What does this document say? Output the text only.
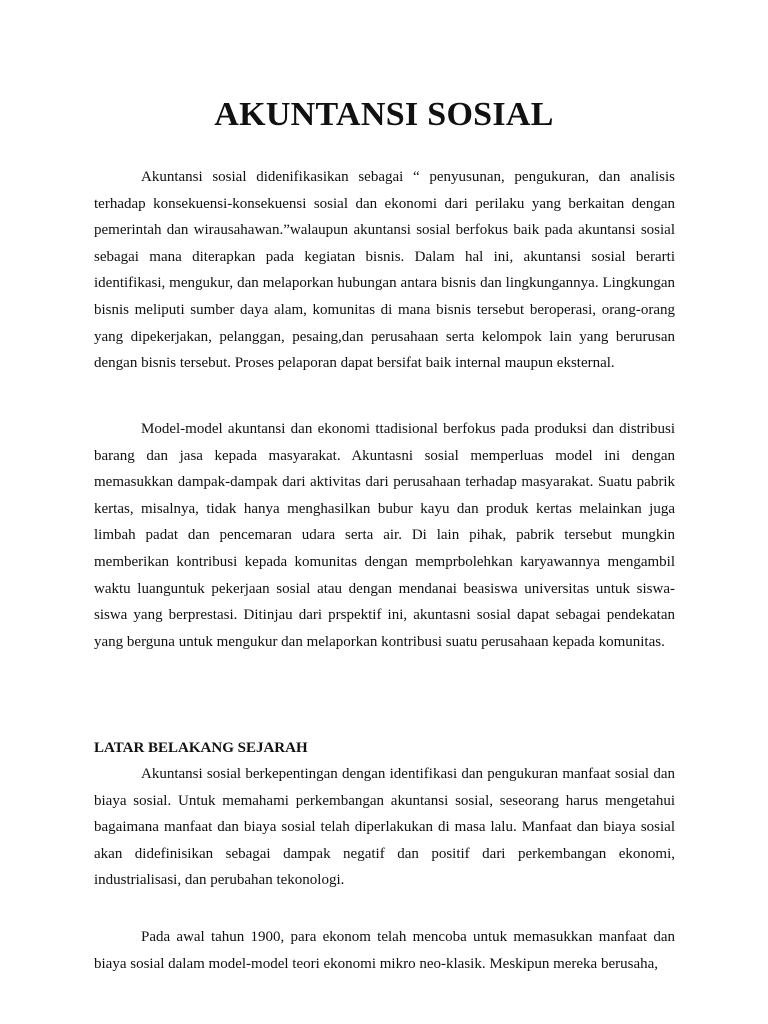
AKUNTANSI SOSIAL

Akuntansi sosial didenifikasikan sebagai “ penyusunan, pengukuran, dan analisis terhadap konsekuensi-konsekuensi sosial dan ekonomi dari perilaku yang berkaitan dengan pemerintah dan wirausahawan.”walaupun akuntansi sosial berfokus baik pada akuntansi sosial sebagai mana diterapkan pada kegiatan bisnis. Dalam hal ini, akuntansi sosial berarti identifikasi, mengukur, dan melaporkan hubungan antara bisnis dan lingkungannya. Lingkungan bisnis meliputi sumber daya alam, komunitas di mana bisnis tersebut beroperasi, orang-orang yang dipekerjakan, pelanggan, pesaing,dan perusahaan serta kelompok lain yang berurusan dengan bisnis tersebut. Proses pelaporan dapat bersifat baik internal maupun eksternal.

Model-model akuntansi dan ekonomi ttadisional berfokus pada produksi dan distribusi barang dan jasa kepada masyarakat. Akuntasni sosial memperluas model ini dengan memasukkan dampak-dampak dari aktivitas dari perusahaan terhadap masyarakat. Suatu pabrik kertas, misalnya, tidak hanya menghasilkan bubur kayu dan produk kertas melainkan juga limbah padat dan pencemaran udara serta air. Di lain pihak, pabrik tersebut mungkin memberikan kontribusi kepada komunitas dengan memprbolehkan karyawannya mengambil waktu luanguntuk pekerjaan sosial atau dengan mendanai beasiswa universitas untuk siswa-siswa yang berprestasi. Ditinjau dari prspektif ini, akuntasni sosial dapat sebagai pendekatan yang berguna untuk mengukur dan melaporkan kontribusi suatu perusahaan kepada komunitas.

LATAR BELAKANG SEJARAH

Akuntansi sosial berkepentingan dengan identifikasi dan pengukuran manfaat sosial dan biaya sosial. Untuk memahami perkembangan akuntansi sosial, seseorang harus mengetahui bagaimana manfaat dan biaya sosial telah diperlakukan di masa lalu. Manfaat dan biaya sosial akan didefinisikan sebagai dampak negatif dan positif dari perkembangan ekonomi, industrialisasi, dan perubahan tekonologi.

Pada awal tahun 1900, para ekonom telah mencoba untuk memasukkan manfaat dan biaya sosial dalam model-model teori ekonomi mikro neo-klasik. Meskipun mereka berusaha,
